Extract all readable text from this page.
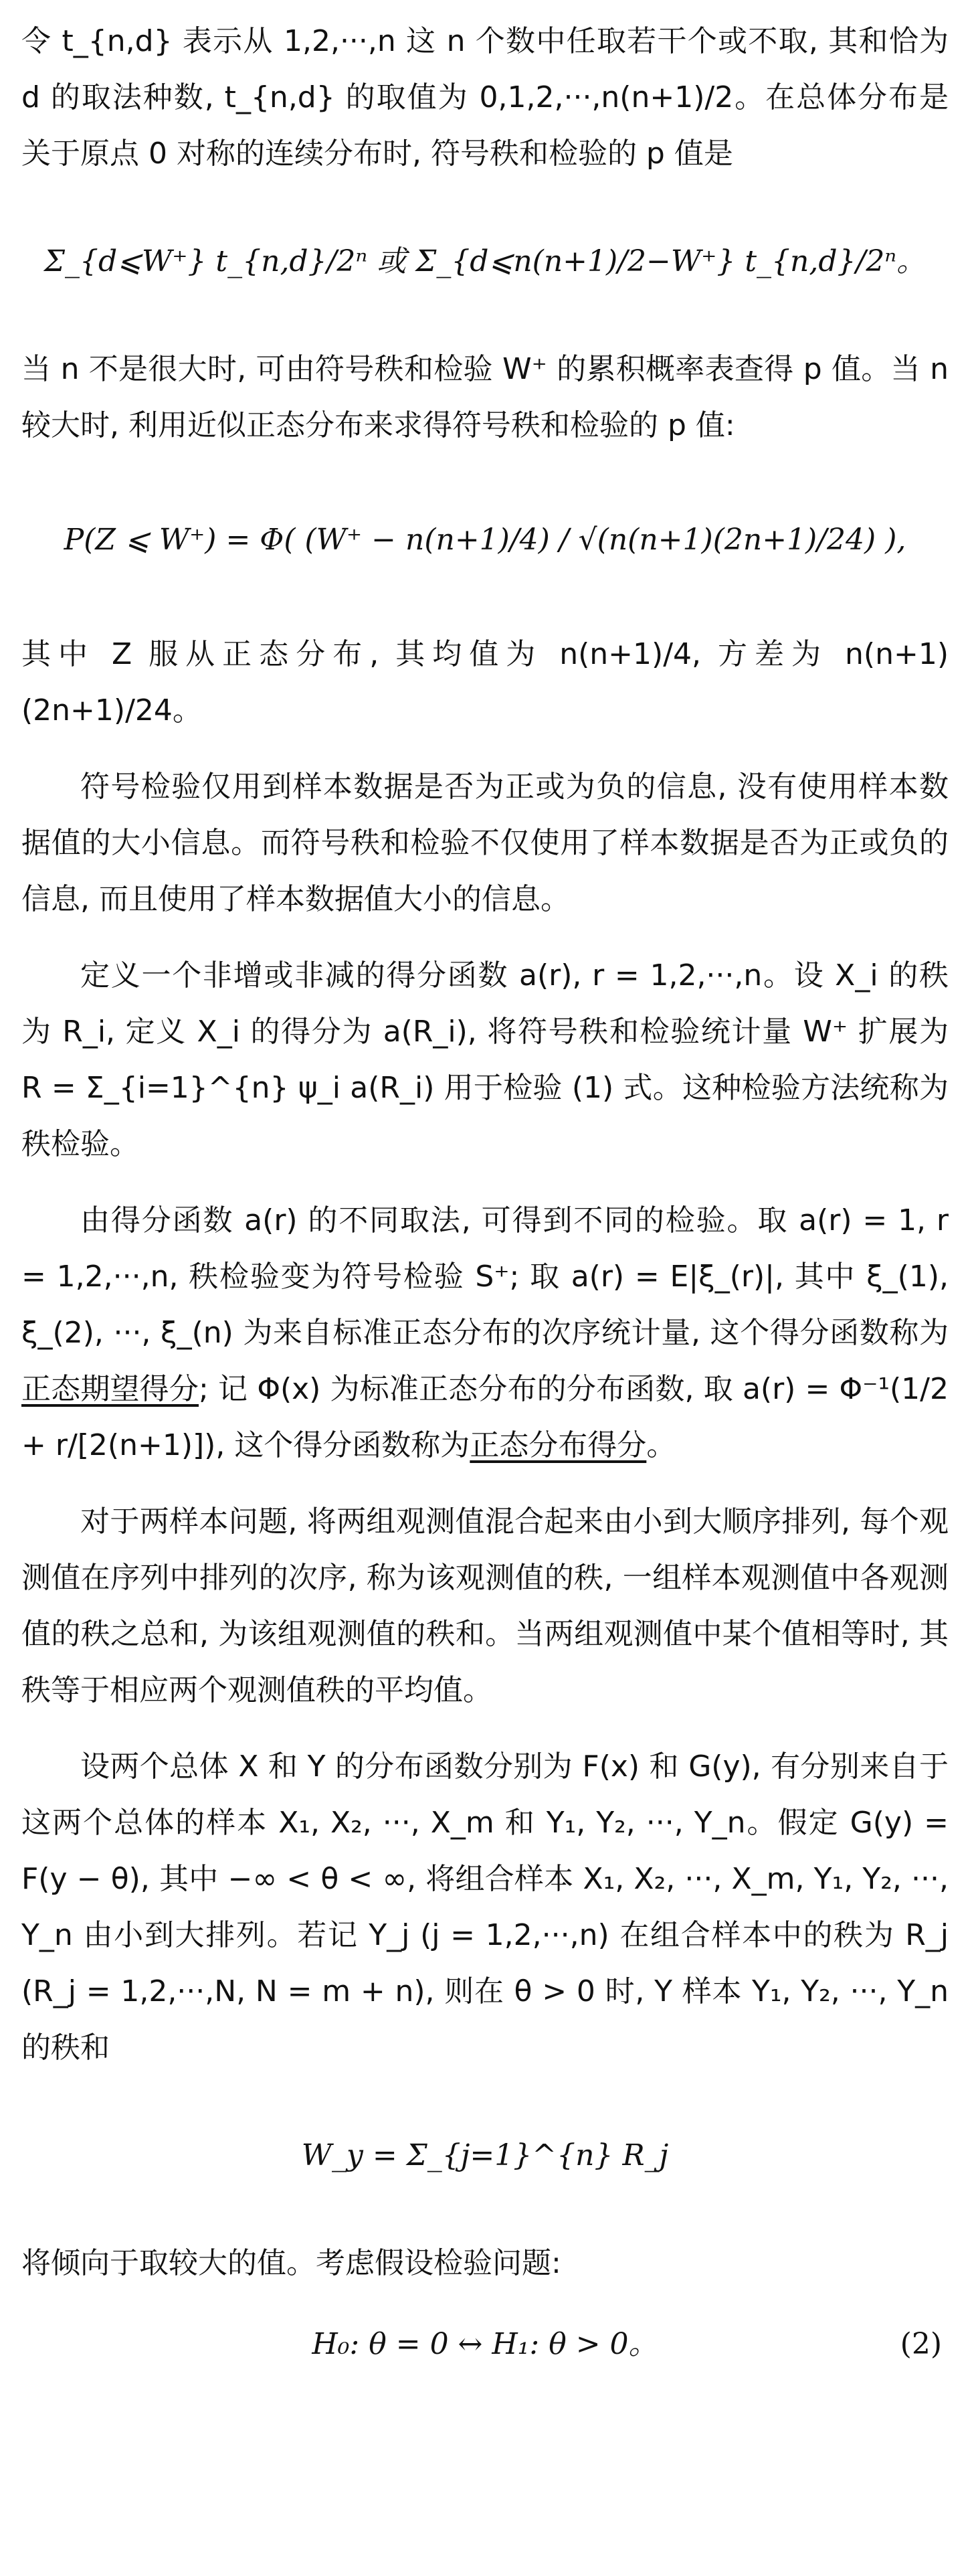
令 t_{n,d} 表示从 1,2,···,n 这 n 个数中任取若干个或不取, 其和恰为 d 的取法种数, t_{n,d} 的取值为 0,1,2,···,n(n+1)/2。在总体分布是关于原点 0 对称的连续分布时, 符号秩和检验的 p 值是

Σ_{d⩽W⁺} t_{n,d}/2ⁿ 或 Σ_{d⩽n(n+1)/2−W⁺} t_{n,d}/2ⁿ。

当 n 不是很大时, 可由符号秩和检验 W⁺ 的累积概率表查得 p 值。当 n 较大时, 利用近似正态分布来求得符号秩和检验的 p 值:

P(Z ⩽ W⁺) = Φ( (W⁺ − n(n+1)/4) / √(n(n+1)(2n+1)/24) ),

其中 Z 服从正态分布, 其均值为 n(n+1)/4, 方差为 n(n+1)(2n+1)/24。

符号检验仅用到样本数据是否为正或为负的信息, 没有使用样本数据值的大小信息。而符号秩和检验不仅使用了样本数据是否为正或负的信息, 而且使用了样本数据值大小的信息。

定义一个非增或非减的得分函数 a(r), r = 1,2,···,n。设 X_i 的秩为 R_i, 定义 X_i 的得分为 a(R_i), 将符号秩和检验统计量 W⁺ 扩展为 R = Σ_{i=1}^{n} ψ_i a(R_i) 用于检验 (1) 式。这种检验方法统称为秩检验。

由得分函数 a(r) 的不同取法, 可得到不同的检验。取 a(r) = 1, r = 1,2,···,n, 秩检验变为符号检验 S⁺; 取 a(r) = E|ξ_(r)|, 其中 ξ_(1), ξ_(2), ···, ξ_(n) 为来自标准正态分布的次序统计量, 这个得分函数称为正态期望得分; 记 Φ(x) 为标准正态分布的分布函数, 取 a(r) = Φ⁻¹(1/2 + r/[2(n+1)]), 这个得分函数称为正态分布得分。

对于两样本问题, 将两组观测值混合起来由小到大顺序排列, 每个观测值在序列中排列的次序, 称为该观测值的秩, 一组样本观测值中各观测值的秩之总和, 为该组观测值的秩和。当两组观测值中某个值相等时, 其秩等于相应两个观测值秩的平均值。

设两个总体 X 和 Y 的分布函数分别为 F(x) 和 G(y), 有分别来自于这两个总体的样本 X₁, X₂, ···, X_m 和 Y₁, Y₂, ···, Y_n。假定 G(y) = F(y − θ), 其中 −∞ < θ < ∞, 将组合样本 X₁, X₂, ···, X_m, Y₁, Y₂, ···, Y_n 由小到大排列。若记 Y_j (j = 1,2,···,n) 在组合样本中的秩为 R_j (R_j = 1,2,···,N, N = m + n), 则在 θ > 0 时, Y 样本 Y₁, Y₂, ···, Y_n 的秩和

W_y = Σ_{j=1}^{n} R_j

将倾向于取较大的值。考虑假设检验问题:

H₀: θ = 0 ↔ H₁: θ > 0。	(2)
